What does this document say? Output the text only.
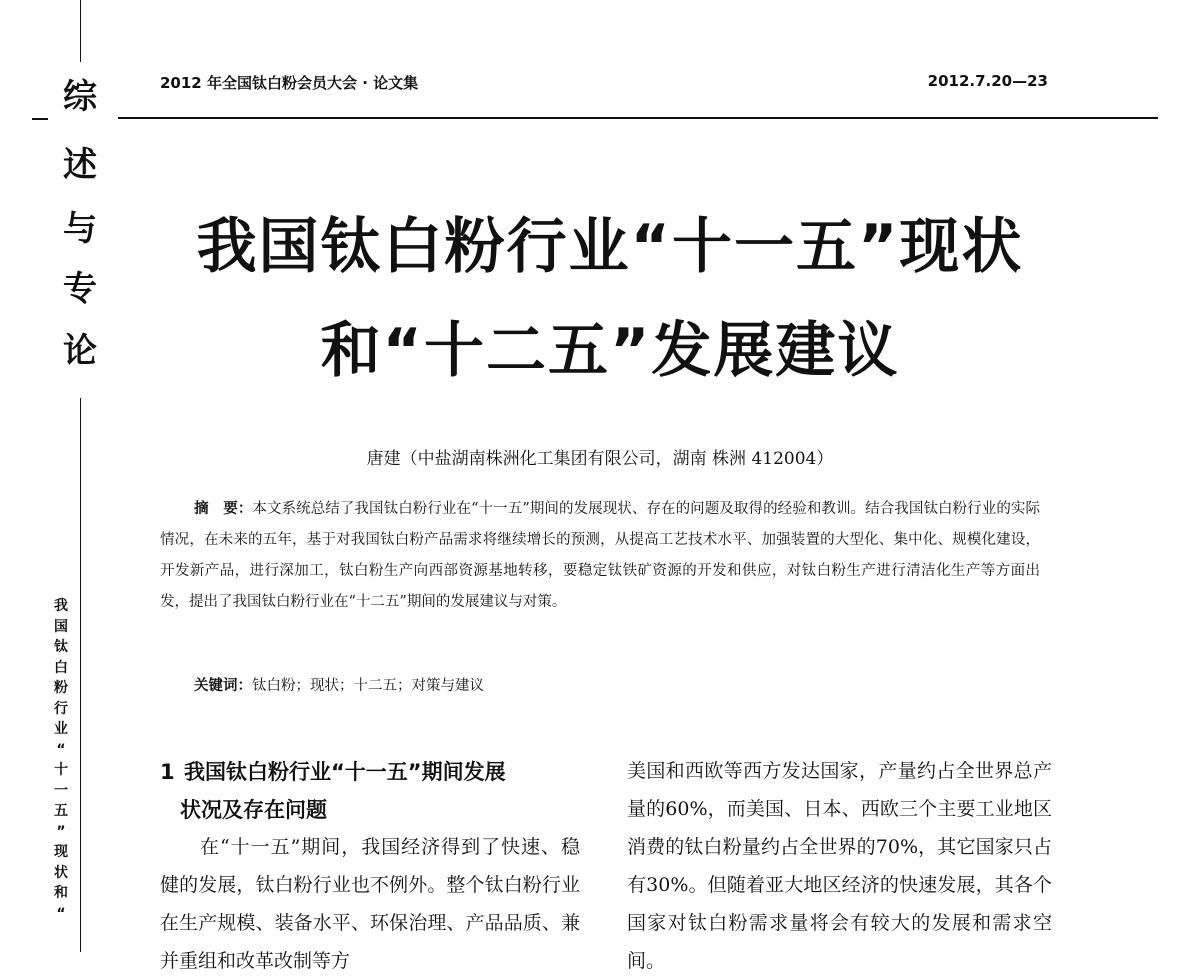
综
述
与
专
论
我
国
钛
白
粉
行
业
“
十
一
五
”
现
状
和
“
2012 年全国钛白粉会员大会 · 论文集	2012.7.20—23
我国钛白粉行业“十一五”现状
和“十二五”发展建议
唐建（中盐湖南株洲化工集团有限公司，湖南 株洲 412004）
摘　要：本文系统总结了我国钛白粉行业在“十一五”期间的发展现状、存在的问题及取得的经验和教训。结合我国钛白粉行业的实际情况，在未来的五年，基于对我国钛白粉产品需求将继续增长的预测，从提高工艺技术水平、加强装置的大型化、集中化、规模化建设，开发新产品，进行深加工，钛白粉生产向西部资源基地转移，要稳定钛铁矿资源的开发和供应，对钛白粉生产进行清洁化生产等方面出发，提出了我国钛白粉行业在“十二五”期间的发展建议与对策。
关键词：钛白粉；现状；十二五；对策与建议
1 我国钛白粉行业“十一五”期间发展
状况及存在问题

在“十一五”期间，我国经济得到了快速、稳健的发展，钛白粉行业也不例外。整个钛白粉行业在生产规模、装备水平、环保治理、产品品质、兼并重组和改革改制等方

美国和西欧等西方发达国家，产量约占全世界总产量的60%，而美国、日本、西欧三个主要工业地区消费的钛白粉量约占全世界的70%，其它国家只占有30%。但随着亚大地区经济的快速发展，其各个国家对钛白粉需求量将会有较大的发展和需求空间。
